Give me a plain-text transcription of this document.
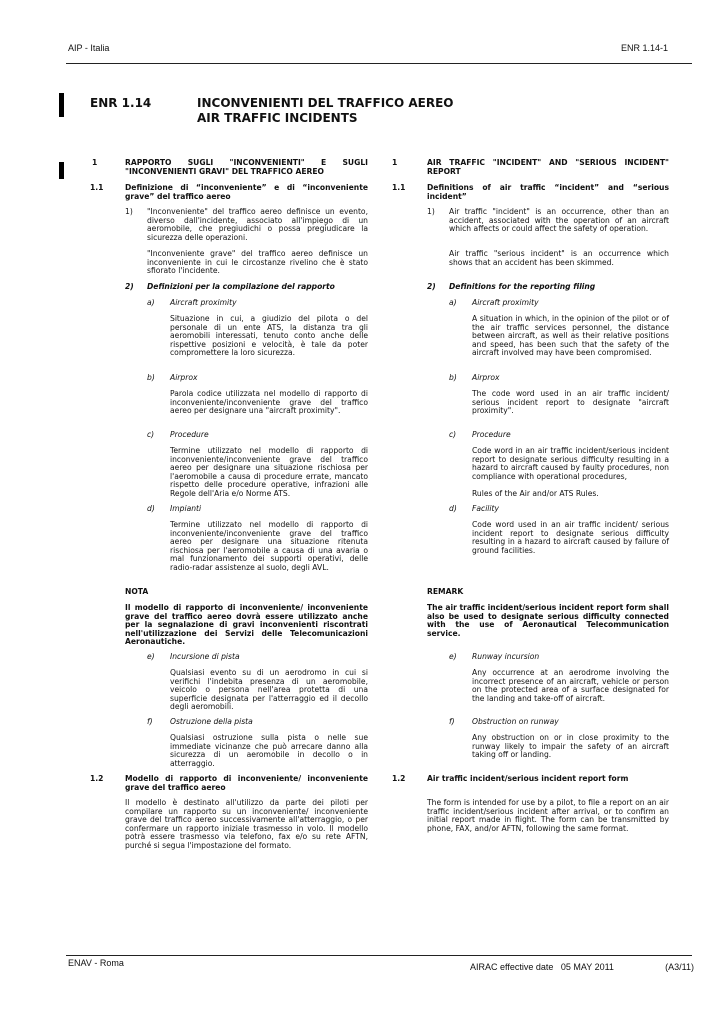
AIP - Italia	ENR 1.14-1
ENR 1.14	INCONVENIENTI DEL TRAFFICO AEREO
AIR TRAFFIC INCIDENTS
1	RAPPORTO SUGLI "INCONVENIENTI" E SUGLI "INCONVENIENTI GRAVI" DEL TRAFFICO AEREO
1.1	Definizione di “inconveniente” e di “inconveniente grave” del traffico aereo
1) "Inconveniente" del traffico aereo definisce un evento, diverso dall'incidente, associato all'impiego di un aeromobile, che pregiudichi o possa pregiudicare la sicurezza delle operazioni.
"Inconveniente grave" del traffico aereo definisce un inconveniente in cui le circostanze rivelino che è stato sfiorato l'incidente.
2) Definizioni per la compilazione del rapporto
a) Aircraft proximity
Situazione in cui, a giudizio del pilota o del personale di un ente ATS, la distanza tra gli aeromobili interessati, tenuto conto anche delle rispettive posizioni e velocità, è tale da poter compromettere la loro sicurezza.
b) Airprox
Parola codice utilizzata nel modello di rapporto di inconveniente/inconveniente grave del traffico aereo per designare una "aircraft proximity".
c) Procedure
Termine utilizzato nel modello di rapporto di inconveniente/inconveniente grave del traffico aereo per designare una situazione rischiosa per l'aeromobile a causa di procedure errate, mancato rispetto delle procedure operative, infrazioni alle Regole dell'Aria e/o Norme ATS.
d) Impianti
Termine utilizzato nel modello di rapporto di inconveniente/inconveniente grave del traffico aereo per designare una situazione ritenuta rischiosa per l'aeromobile a causa di una avaria o mal funzionamento dei supporti operativi, delle radio-radar assistenze al suolo, degli AVL.
NOTA
Il modello di rapporto di inconveniente/ inconveniente grave del traffico aereo dovrà essere utilizzato anche per la segnalazione di gravi inconvenienti riscontrati nell'utilizzazione dei Servizi delle Telecomunicazioni Aeronautiche.
e) Incursione di pista
Qualsiasi evento su di un aerodromo in cui si verifichi l'indebita presenza di un aeromobile, veicolo o persona nell'area protetta di una superficie designata per l'atterraggio ed il decollo degli aeromobili.
f) Ostruzione della pista
Qualsiasi ostruzione sulla pista o nelle sue immediate vicinanze che può arrecare danno alla sicurezza di un aeromobile in decollo o in atterraggio.
1.2	Modello di rapporto di inconveniente/ inconveniente grave del traffico aereo
Il modello è destinato all'utilizzo da parte dei piloti per compilare un rapporto su un inconveniente/ inconveniente grave del traffico aereo successivamente all'atterraggio, o per confermare un rapporto iniziale trasmesso in volo. Il modello potrà essere trasmesso via telefono, fax e/o su rete AFTN, purché si segua l'impostazione del formato.
1	AIR TRAFFIC "INCIDENT" AND "SERIOUS INCIDENT" REPORT
1.1	Definitions of air traffic “incident” and “serious incident”
1) Air traffic "incident" is an occurrence, other than an accident, associated with the operation of an aircraft which affects or could affect the safety of operation.
Air traffic "serious incident" is an occurrence which shows that an accident has been skimmed.
2) Definitions for the reporting filing
a) Aircraft proximity
A situation in which, in the opinion of the pilot or of the air traffic services personnel, the distance between aircraft, as well as their relative positions and speed, has been such that the safety of the aircraft involved may have been compromised.
b) Airprox
The code word used in an air traffic incident/ serious incident report to designate "aircraft proximity".
c) Procedure
Code word in an air traffic incident/serious incident report to designate serious difficulty resulting in a hazard to aircraft caused by faulty procedures, non compliance with operational procedures,
Rules of the Air and/or ATS Rules.
d) Facility
Code word used in an air traffic incident/ serious incident report to designate serious difficulty resulting in a hazard to aircraft caused by failure of ground facilities.
REMARK
The air traffic incident/serious incident report form shall also be used to designate serious difficulty connected with the use of Aeronautical Telecommunication service.
e) Runway incursion
Any occurrence at an aerodrome involving the incorrect presence of an aircraft, vehicle or person on the protected area of a surface designated for the landing and take-off of aircraft.
f) Obstruction on runway
Any obstruction on or in close proximity to the runway likely to impair the safety of an aircraft taking off or landing.
1.2	Air traffic incident/serious incident report form
The form is intended for use by a pilot, to file a report on an air traffic incident/serious incident after arrival, or to confirm an initial report made in flight. The form can be transmitted by phone, FAX, and/or AFTN, following the same format.
ENAV - Roma	AIRAC effective date   05 MAY 2011	(A3/11)
